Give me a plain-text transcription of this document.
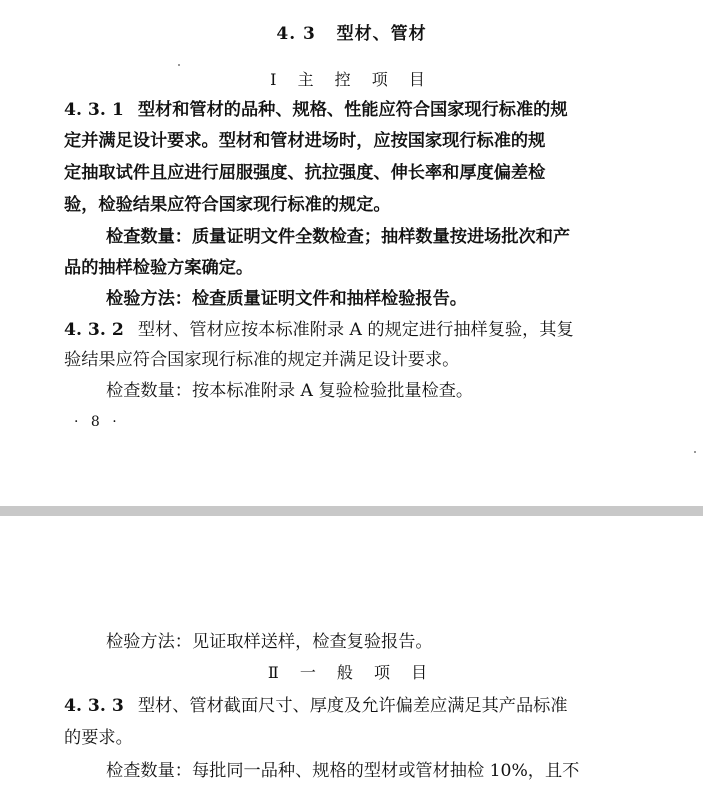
4. 3 型材、管材
Ⅰ 主 控 项 目
4. 3. 1 型材和管材的品种、规格、性能应符合国家现行标准的规
定并满足设计要求。型材和管材进场时，应按国家现行标准的规
定抽取试件且应进行屈服强度、抗拉强度、伸长率和厚度偏差检
验，检验结果应符合国家现行标准的规定。
检查数量：质量证明文件全数检查；抽样数量按进场批次和产
品的抽样检验方案确定。
检验方法：检查质量证明文件和抽样检验报告。
4. 3. 2 型材、管材应按本标准附录 A 的规定进行抽样复验，其复
验结果应符合国家现行标准的规定并满足设计要求。
检查数量：按本标准附录 A 复验检验批量检查。
· 8 ·
检验方法：见证取样送样，检查复验报告。
Ⅱ 一 般 项 目
4. 3. 3 型材、管材截面尺寸、厚度及允许偏差应满足其产品标准
的要求。
检查数量：每批同一品种、规格的型材或管材抽检 10%，且不
